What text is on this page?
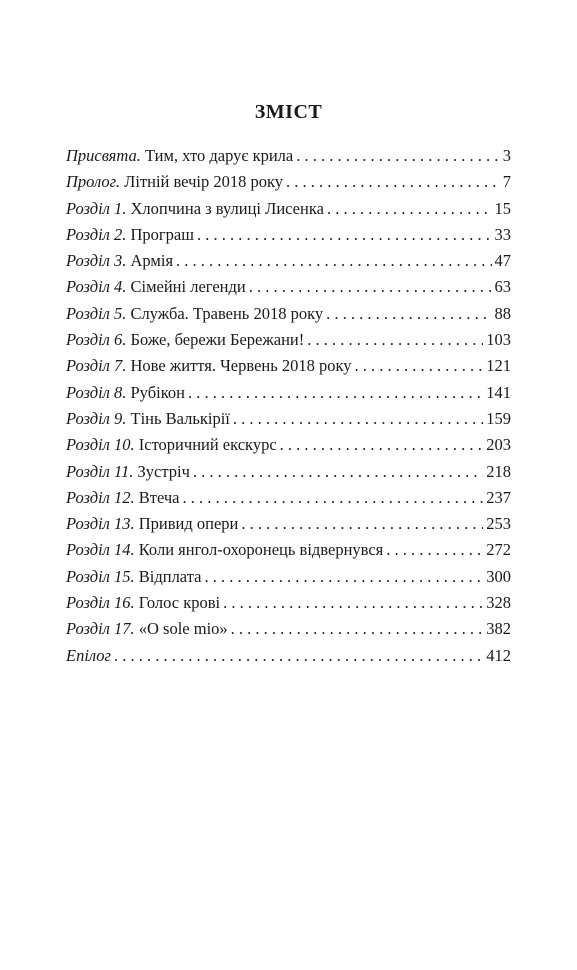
ЗМІСТ
Присвята. Тим, хто дарує крила . . .	3
Пролог. Літній вечір 2018 року . . .	7
Розділ 1. Хлопчина з вулиці Лисенка . . .	15
Розділ 2. Програш . . .	33
Розділ 3. Армія . . .	47
Розділ 4. Сімейні легенди . . .	63
Розділ 5. Служба. Травень 2018 року . . .	88
Розділ 6. Боже, бережи Бережани! . . .	103
Розділ 7. Нове життя. Червень 2018 року . . .	121
Розділ 8. Рубікон . . .	141
Розділ 9. Тінь Валькірії . . .	159
Розділ 10. Історичний екскурс . . .	203
Розділ 11. Зустріч . . .	218
Розділ 12. Втеча . . .	237
Розділ 13. Привид опери . . .	253
Розділ 14. Коли янгол-охоронець відвернувся . . .	272
Розділ 15. Відплата . . .	300
Розділ 16. Голос крові . . .	328
Розділ 17. «O sole mio» . . .	382
Епілог . . .	412
